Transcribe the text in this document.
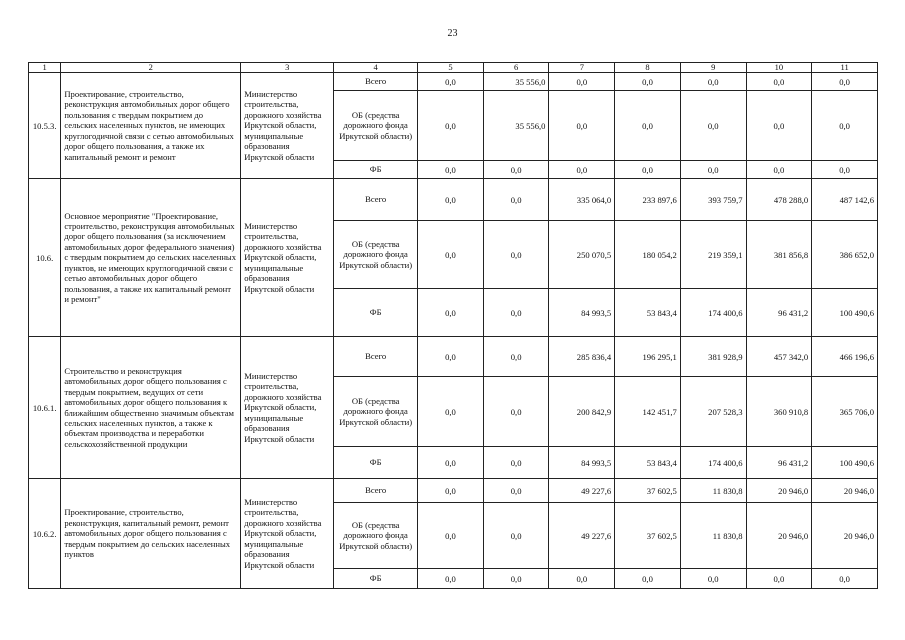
23
1	2	3	4	5	6	7	8	9	10	11
10.5.3.	Проектирование, строительство, реконструкция автомобильных дорог общего пользования с твердым покрытием до сельских населенных пунктов, не имеющих круглогодичной связи с сетью автомобильных дорог общего пользования, а также их капитальный ремонт и ремонт	Министерство строительства, дорожного хозяйства Иркутской области, муниципальные образования Иркутской области	Всего	0,0	35 556,0	0,0	0,0	0,0	0,0	0,0
			ОБ (средства дорожного фонда Иркутской области)	0,0	35 556,0	0,0	0,0	0,0	0,0	0,0
			ФБ	0,0	0,0	0,0	0,0	0,0	0,0	0,0
10.6.	Основное мероприятие "Проектирование, строительство, реконструкция автомобильных дорог общего пользования (за исключением автомобильных дорог федерального значения) с твердым покрытием до сельских населенных пунктов, не имеющих круглогодичной связи с сетью автомобильных дорог общего пользования, а также их капитальный ремонт и ремонт"	Министерство строительства, дорожного хозяйства Иркутской области, муниципальные образования Иркутской области	Всего	0,0	0,0	335 064,0	233 897,6	393 759,7	478 288,0	487 142,6
			ОБ (средства дорожного фонда Иркутской области)	0,0	0,0	250 070,5	180 054,2	219 359,1	381 856,8	386 652,0
			ФБ	0,0	0,0	84 993,5	53 843,4	174 400,6	96 431,2	100 490,6
10.6.1.	Строительство и реконструкция автомобильных дорог общего пользования с твердым покрытием, ведущих от сети автомобильных дорог общего пользования к ближайшим общественно значимым объектам сельских населенных пунктов, а также к объектам производства и переработки сельскохозяйственной продукции	Министерство строительства, дорожного хозяйства Иркутской области, муниципальные образования Иркутской области	Всего	0,0	0,0	285 836,4	196 295,1	381 928,9	457 342,0	466 196,6
			ОБ (средства дорожного фонда Иркутской области)	0,0	0,0	200 842,9	142 451,7	207 528,3	360 910,8	365 706,0
			ФБ	0,0	0,0	84 993,5	53 843,4	174 400,6	96 431,2	100 490,6
10.6.2.	Проектирование, строительство, реконструкция, капитальный ремонт, ремонт автомобильных дорог общего пользования с твердым покрытием до сельских населенных пунктов	Министерство строительства, дорожного хозяйства Иркутской области, муниципальные образования Иркутской области	Всего	0,0	0,0	49 227,6	37 602,5	11 830,8	20 946,0	20 946,0
			ОБ (средства дорожного фонда Иркутской области)	0,0	0,0	49 227,6	37 602,5	11 830,8	20 946,0	20 946,0
			ФБ	0,0	0,0	0,0	0,0	0,0	0,0	0,0
